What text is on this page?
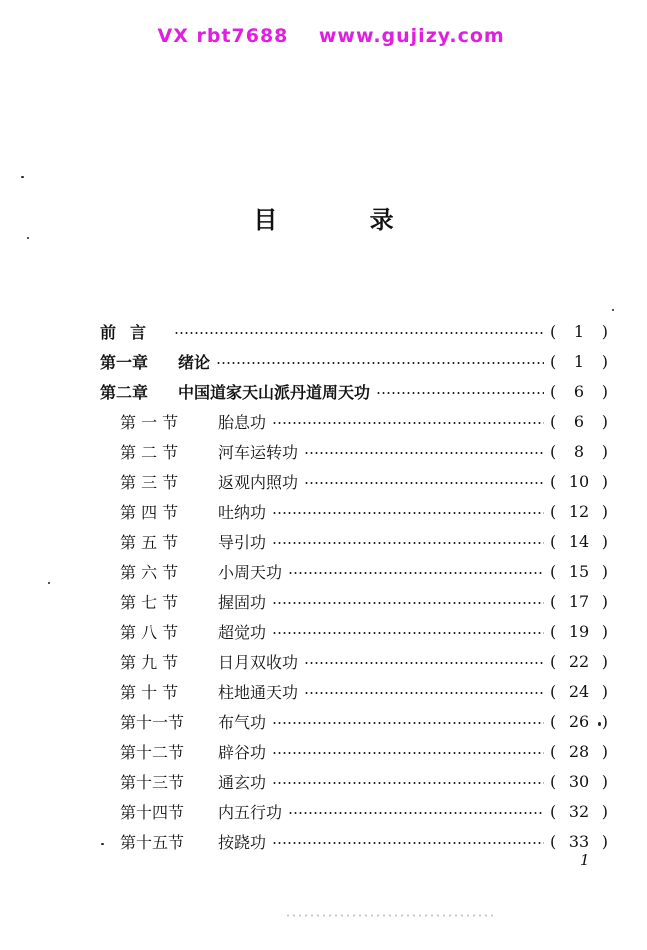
VX rbt7688 www.gujizy.com

目 录
前言	(	1	)
第一章	绪论	(	1	)
第二章	中国道家天山派丹道周天功	(	6	)
第 一 节	胎息功	(	6	)
第 二 节	河车运转功	(	8	)
第 三 节	返观内照功	( 10 )
第 四 节	吐纳功	( 12 )
第 五 节	导引功	( 14 )
第 六 节	小周天功	( 15 )
第 七 节	握固功	( 17 )
第 八 节	超觉功	( 19 )
第 九 节	日月双收功	( 22 )
第 十 节	柱地通天功	( 24 )
第十一节	布气功	( 26 )
第十二节	辟谷功	( 28 )
第十三节	通玄功	( 30 )
第十四节	内五行功	( 32 )
第十五节	按跷功	( 33 )
1
